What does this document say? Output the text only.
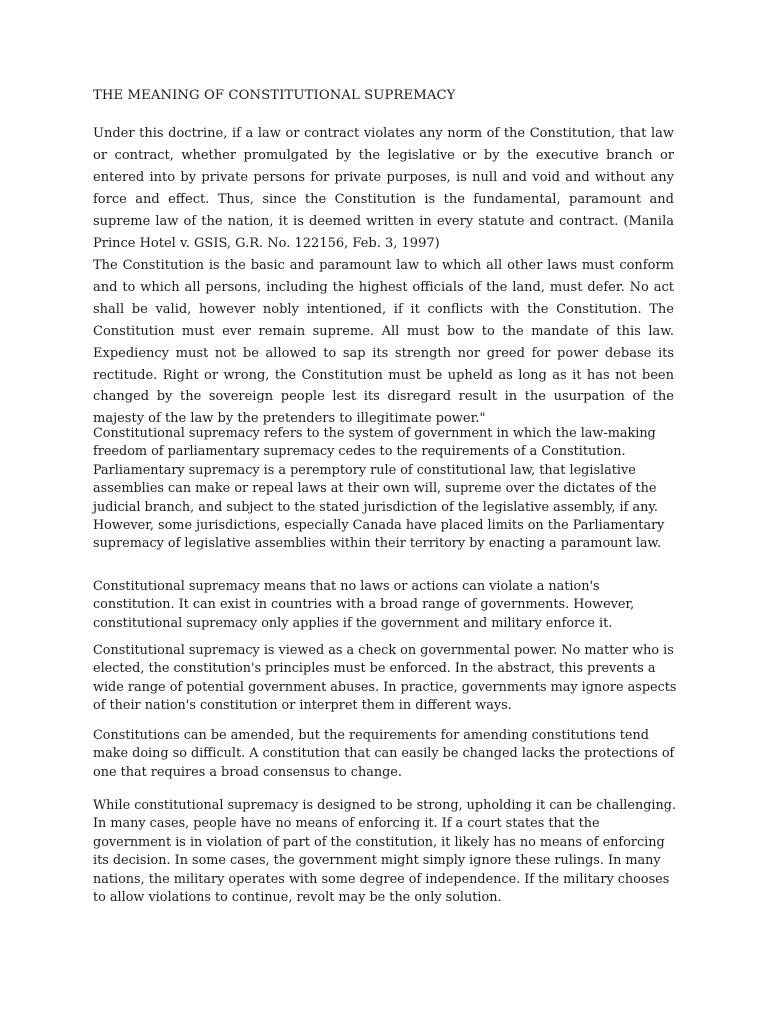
THE MEANING OF CONSTITUTIONAL SUPREMACY

Under this doctrine, if a law or contract violates any norm of the Constitution, that law or contract, whether promulgated by the legislative or by the executive branch or entered into by private persons for private purposes, is null and void and without any force and effect. Thus, since the Constitution is the fundamental, paramount and supreme law of the nation, it is deemed written in every statute and contract. (Manila Prince Hotel v. GSIS, G.R. No. 122156, Feb. 3, 1997)

The Constitution is the basic and paramount law to which all other laws must conform and to which all persons, including the highest officials of the land, must defer. No act shall be valid, however nobly intentioned, if it conflicts with the Constitution. The Constitution must ever remain supreme. All must bow to the mandate of this law. Expediency must not be allowed to sap its strength nor greed for power debase its rectitude. Right or wrong, the Constitution must be upheld as long as it has not been changed by the sovereign people lest its disregard result in the usurpation of the majesty of the law by the pretenders to illegitimate power."

Constitutional supremacy refers to the system of government in which the law-making freedom of parliamentary supremacy cedes to the requirements of a Constitution. Parliamentary supremacy is a peremptory rule of constitutional law, that legislative assemblies can make or repeal laws at their own will, supreme over the dictates of the judicial branch, and subject to the stated jurisdiction of the legislative assembly, if any. However, some jurisdictions, especially Canada have placed limits on the Parliamentary supremacy of legislative assemblies within their territory by enacting a paramount law.

Constitutional supremacy means that no laws or actions can violate a nation's constitution. It can exist in countries with a broad range of governments. However, constitutional supremacy only applies if the government and military enforce it.

Constitutional supremacy is viewed as a check on governmental power. No matter who is elected, the constitution's principles must be enforced. In the abstract, this prevents a wide range of potential government abuses. In practice, governments may ignore aspects of their nation's constitution or interpret them in different ways.

Constitutions can be amended, but the requirements for amending constitutions tend make doing so difficult. A constitution that can easily be changed lacks the protections of one that requires a broad consensus to change.

While constitutional supremacy is designed to be strong, upholding it can be challenging. In many cases, people have no means of enforcing it. If a court states that the government is in violation of part of the constitution, it likely has no means of enforcing its decision. In some cases, the government might simply ignore these rulings. In many nations, the military operates with some degree of independence. If the military chooses to allow violations to continue, revolt may be the only solution.
